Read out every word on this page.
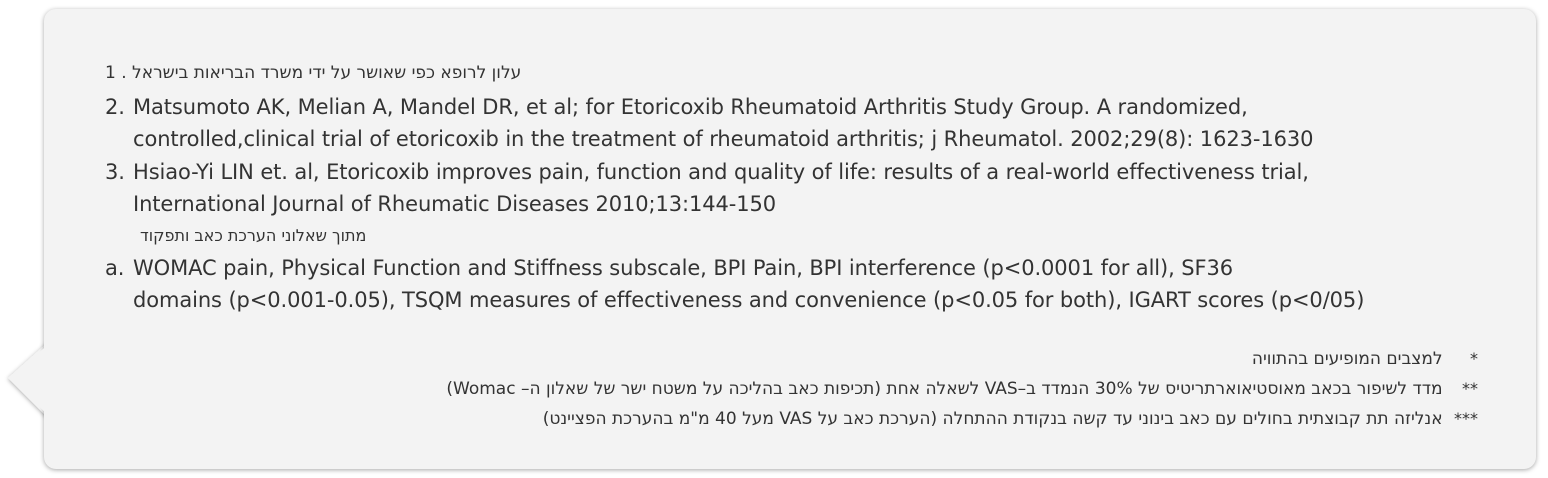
עלון לרופא כפי שאושר על ידי משרד הבריאות בישראל . 1
2. Matsumoto AK, Melian A, Mandel DR, et al; for Etoricoxib Rheumatoid Arthritis Study Group. A randomized,
controlled,clinical trial of etoricoxib in the treatment of rheumatoid arthritis; j Rheumatol. 2002;29(8): 1623-1630
3. Hsiao-Yi LIN et. al, Etoricoxib improves pain, function and quality of life: results of a real-world effectiveness trial,
International Journal of Rheumatic Diseases 2010;13:144-150
מתוך שאלוני הערכת כאב ותפקוד
a. WOMAC pain, Physical Function and Stiffness subscale, BPI Pain, BPI interference (p<0.0001 for all), SF36
domains (p<0.001-0.05), TSQM measures of effectiveness and convenience (p<0.05 for both), IGART scores (p<0/05)
* למצבים המופיעים בהתוויה
** מדד לשיפור בכאב מאוסטיאוארתריטיס של 30% הנמדד ב–VAS לשאלה אחת (תכיפות כאב בהליכה על משטח ישר של שאלון ה– Womac)
*** אנליזה תת קבוצתית בחולים עם כאב בינוני עד קשה בנקודת ההתחלה (הערכת כאב על VAS מעל 40 מ"מ בהערכת הפציינט)
